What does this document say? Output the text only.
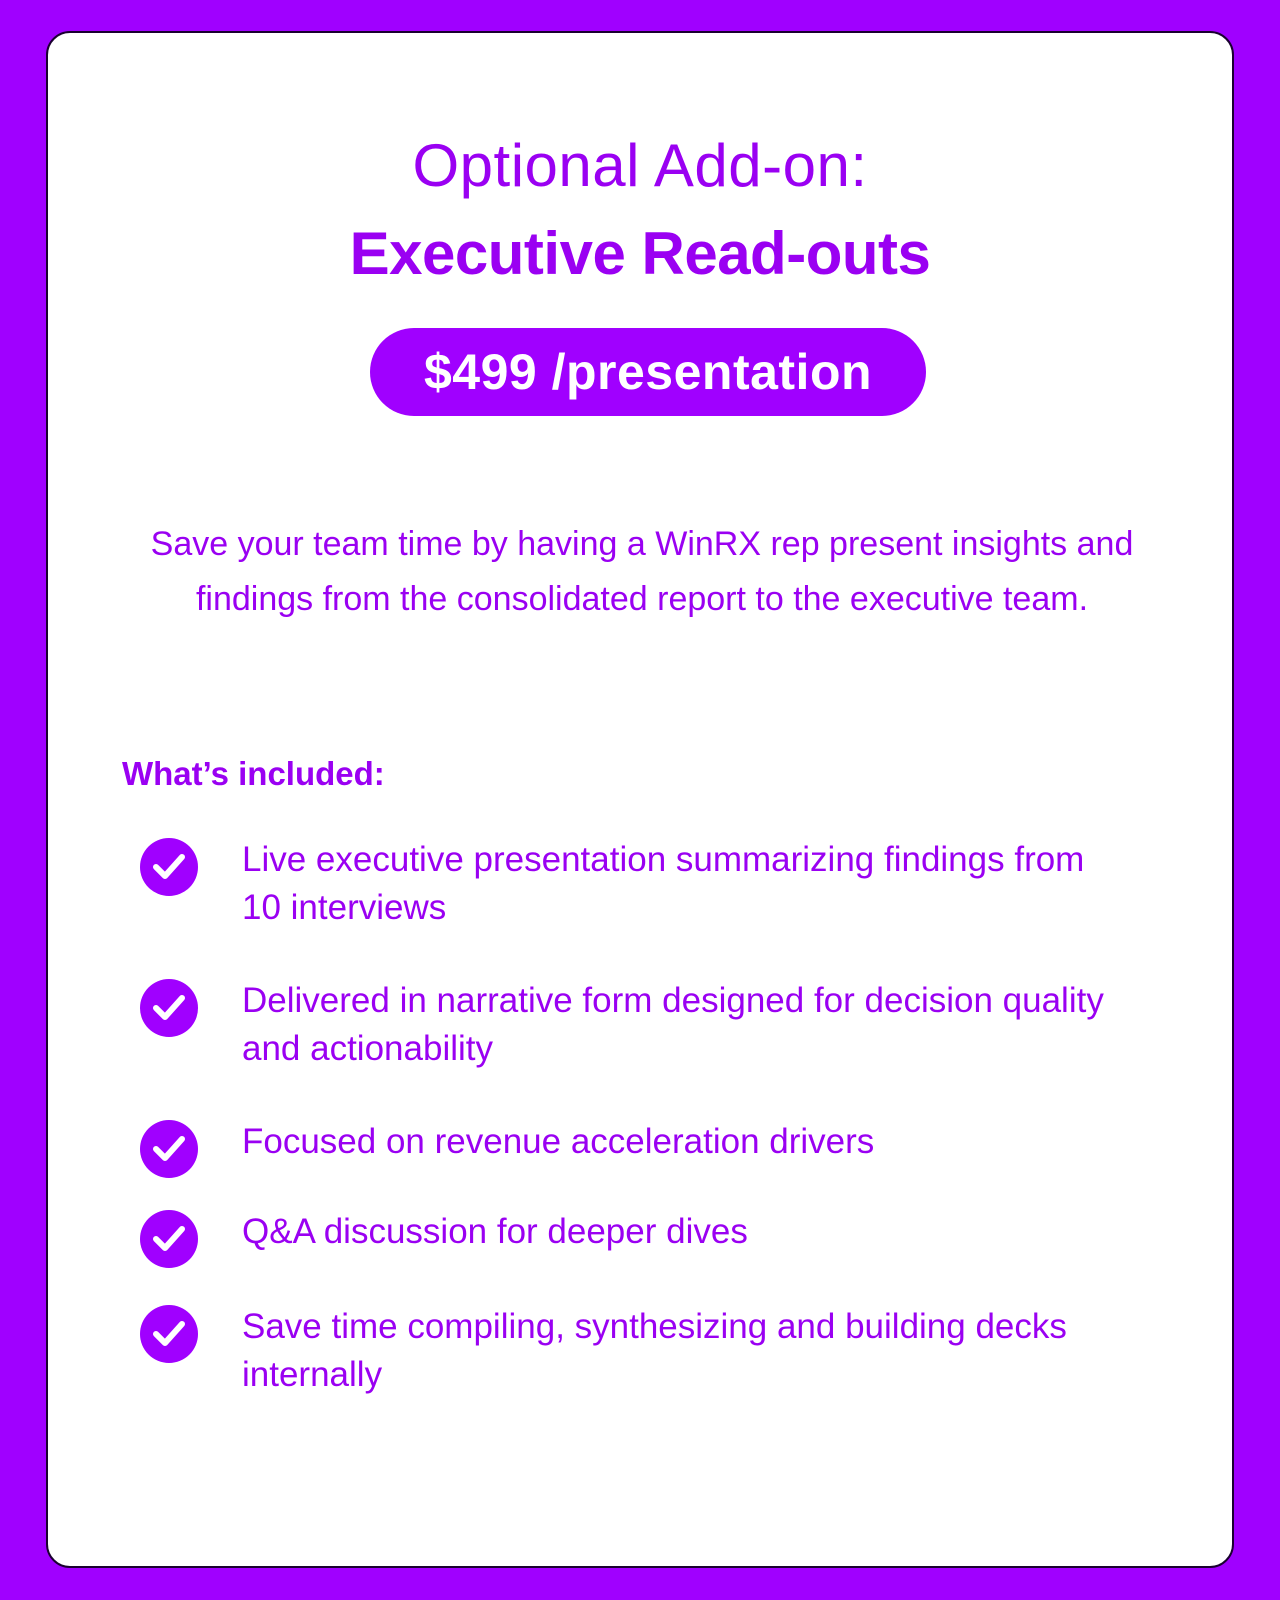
Optional Add-on:
Executive Read-outs
$499 /presentation
Save your team time by having a WinRX rep present insights and findings from the consolidated report to the executive team.
What’s included:
Live executive presentation summarizing findings from 10 interviews
Delivered in narrative form designed for decision quality and actionability
Focused on revenue acceleration drivers
Q&A discussion for deeper dives
Save time compiling, synthesizing and building decks internally
